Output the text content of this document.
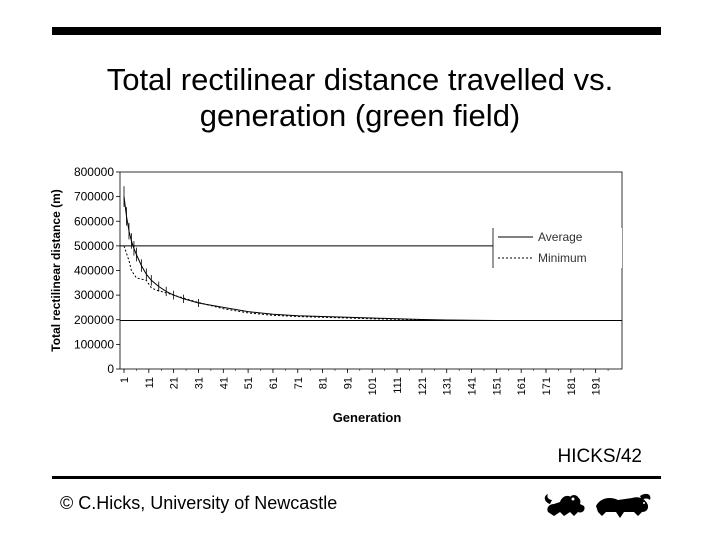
Total rectilinear distance travelled vs.
generation (green field)
0
100000
200000
300000
400000
500000
600000
700000
800000
1 11 21 31 41 51 61 71 81 91 101 111 121 131 141 151 161 171 181 191
Generation
Total rectilinear distance (m)	Average
Minimum
HICKS/42
© C.Hicks, University of Newcastle
